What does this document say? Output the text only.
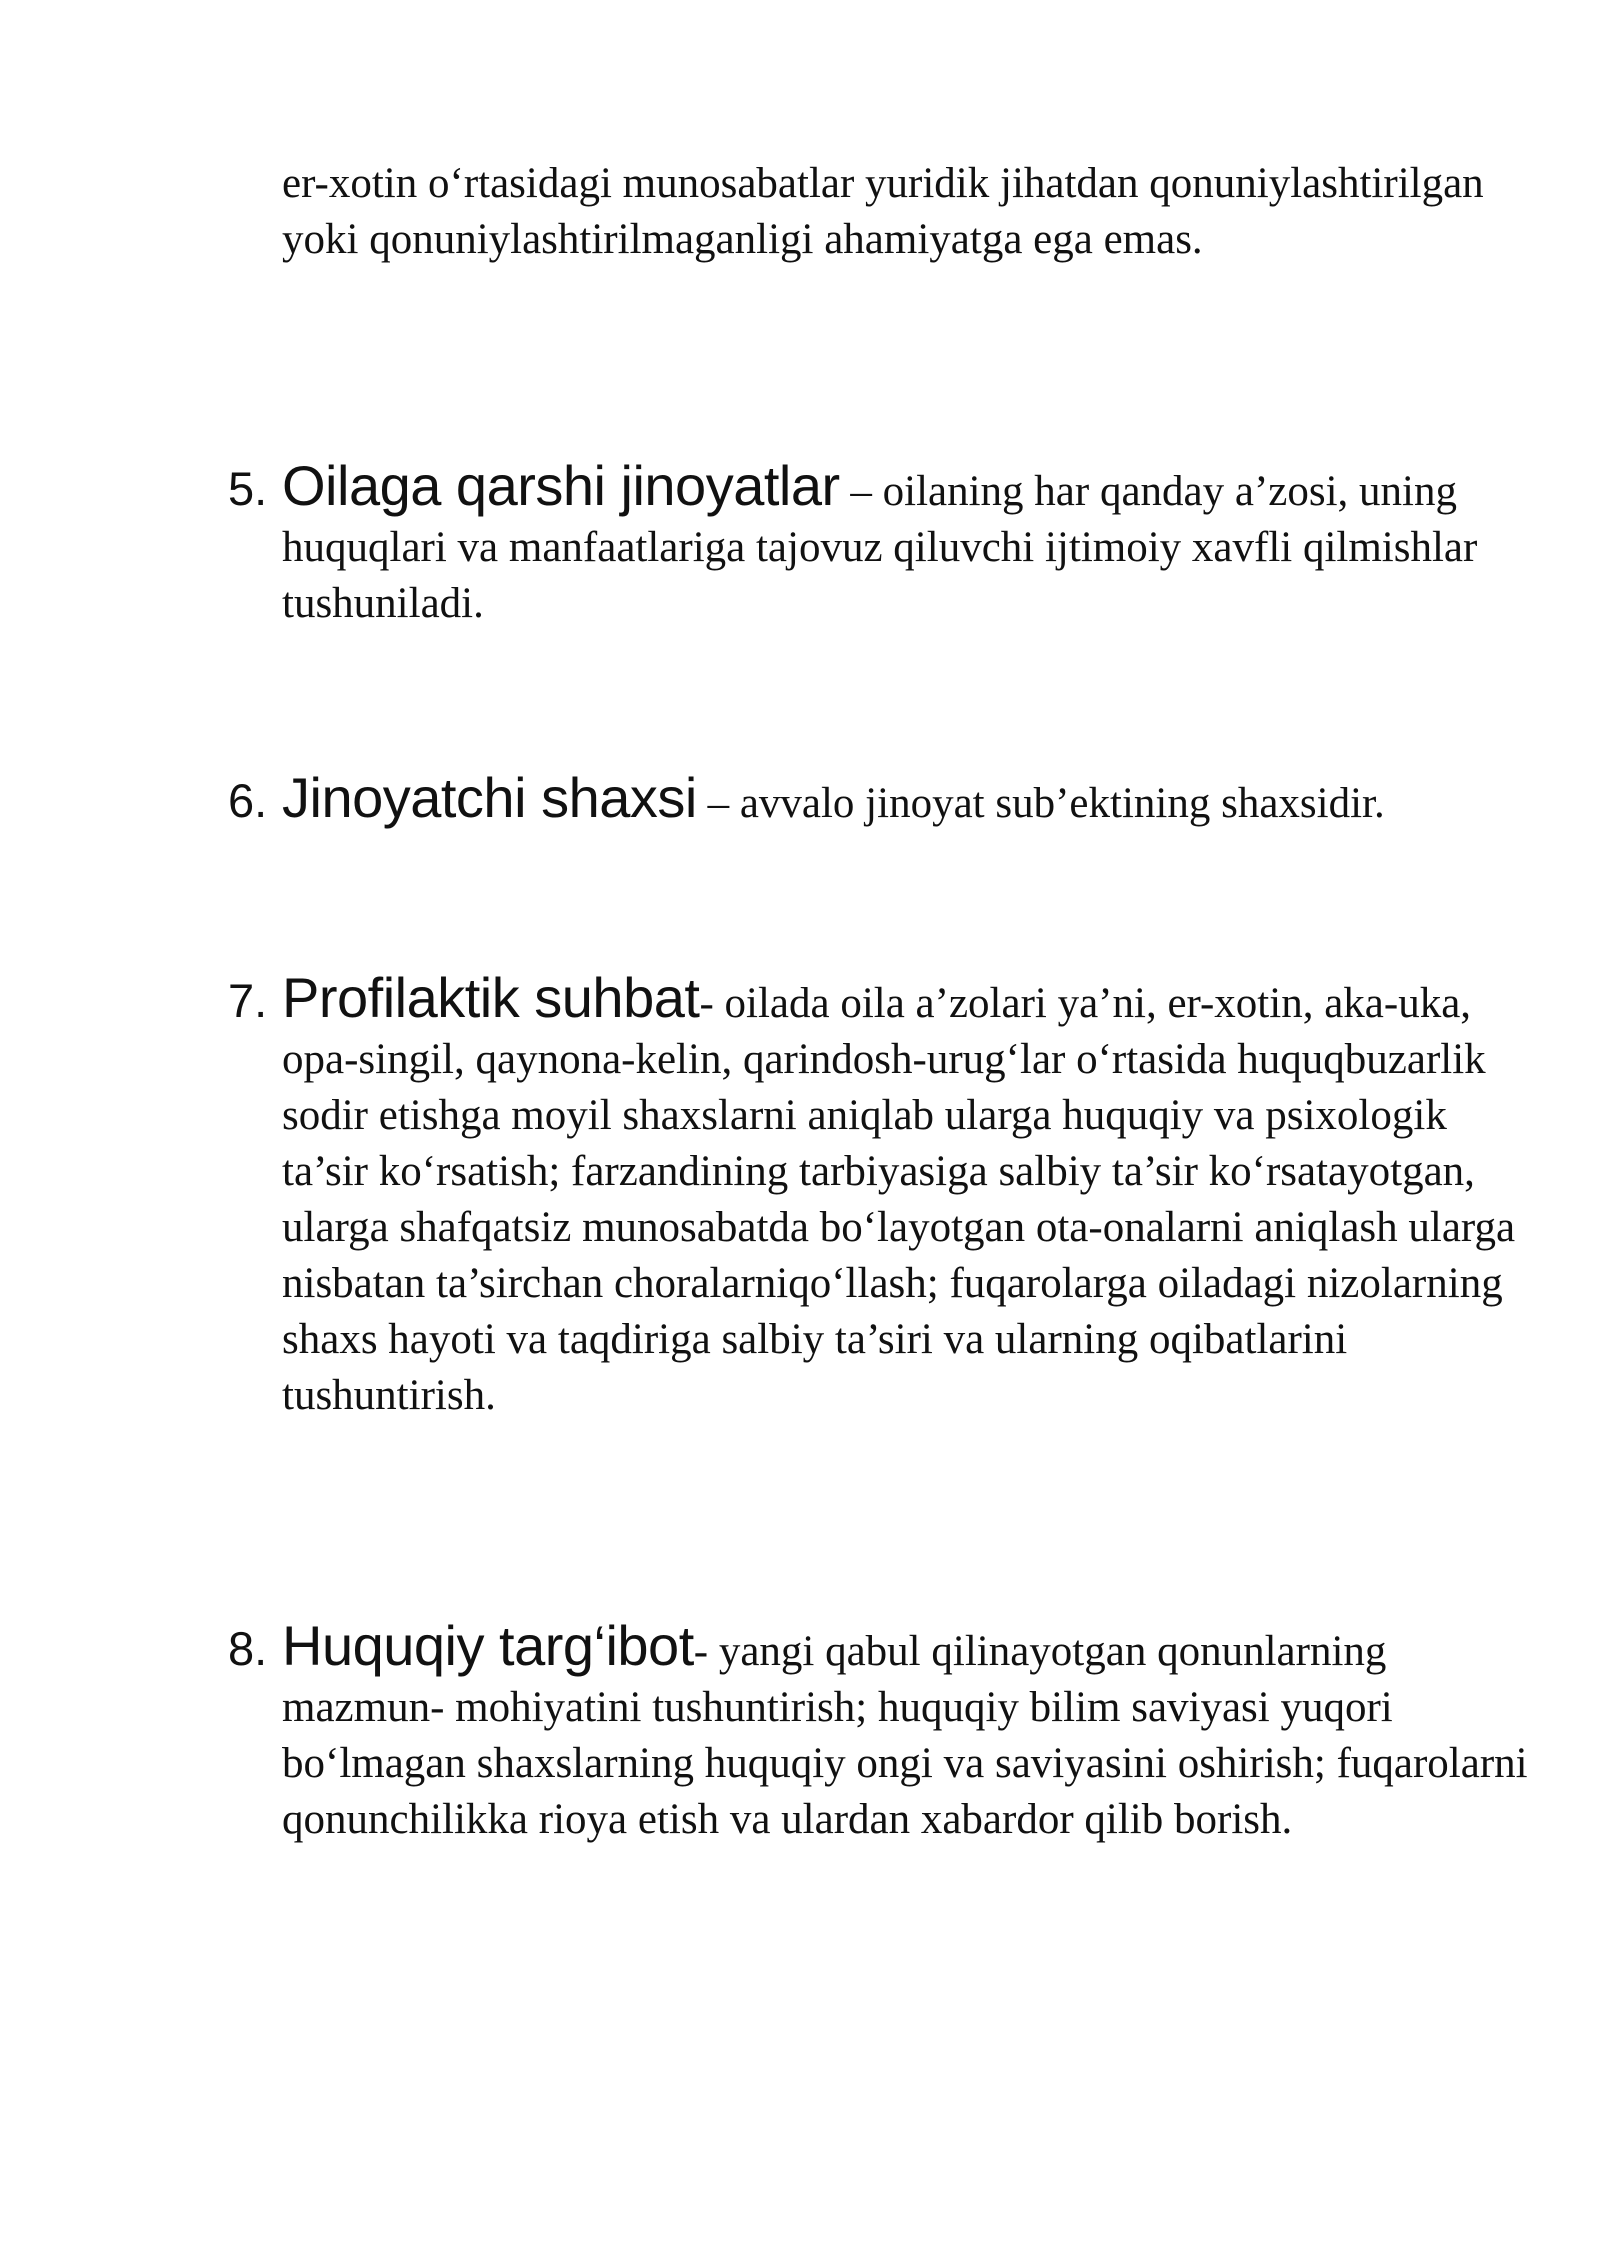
er-xotin o‘rtasidagi munosabatlar yuridik jihatdan qonuniylashtirilgan yoki qonuniylashtirilmaganligi ahamiyatga ega emas.

5. Oilaga qarshi jinoyatlar – oilaning har qanday a’zosi, uning huquqlari va manfaatlariga tajovuz qiluvchi ijtimoiy xavfli qilmishlar tushuniladi.
6. Jinoyatchi shaxsi – avvalo jinoyat sub’ektining shaxsidir.
7. Profilaktik suhbat- oilada oila a’zolari ya’ni, er-xotin, aka-uka, opa-singil, qaynona-kelin, qarindosh-urug‘lar o‘rtasida huquqbuzarlik sodir etishga moyil shaxslarni aniqlab ularga huquqiy va psixologik ta’sir ko‘rsatish; farzandining tarbiyasiga salbiy ta’sir ko‘rsatayotgan, ularga shafqatsiz munosabatda bo‘layotgan ota-onalarni aniqlash ularga nisbatan ta’sirchan choralarniqo‘llash; fuqarolarga oiladagi nizolarning shaxs hayoti va taqdiriga salbiy ta’siri va ularning oqibatlarini tushuntirish.
8. Huquqiy targ‘ibot- yangi qabul qilinayotgan qonunlarning mazmun- mohiyatini tushuntirish; huquqiy bilim saviyasi yuqori bo‘lmagan shaxslarning huquqiy ongi va saviyasini oshirish; fuqarolarni qonunchilikka rioya etish va ulardan xabardor qilib borish.
